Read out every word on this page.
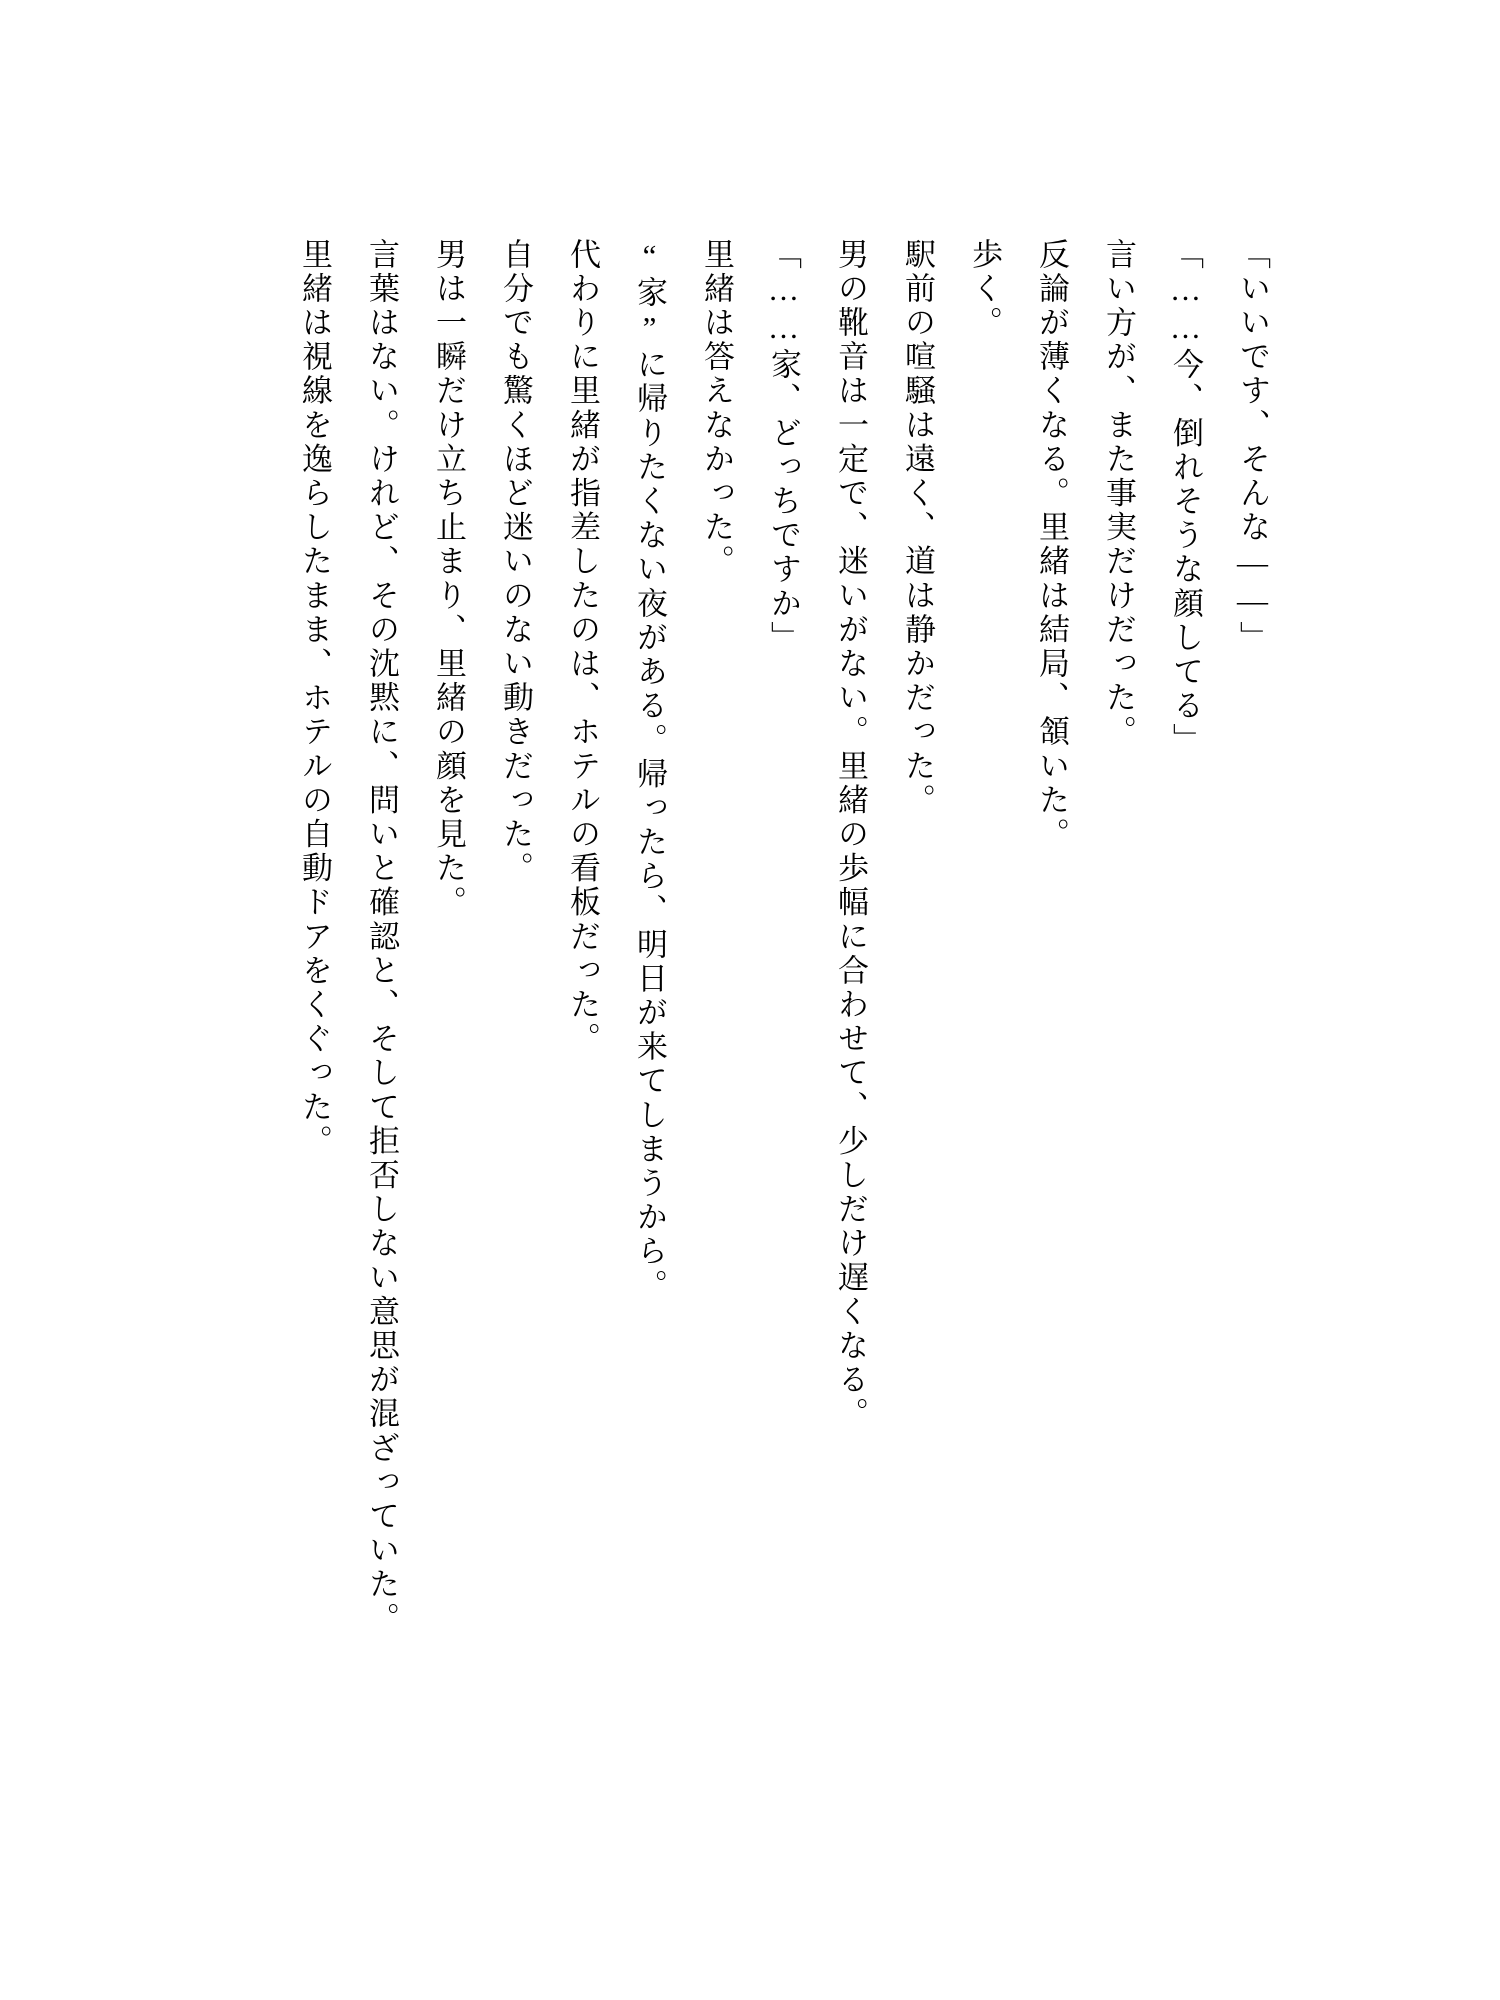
「いいです、そんな――」

「……今、倒れそうな顔してる」

言い方が、また事実だけだった。

反論が薄くなる。里緒は結局、頷いた。

歩く。

駅前の喧騒は遠く、道は静かだった。

男の靴音は一定で、迷いがない。里緒の歩幅に合わせて、少しだけ遅くなる。

「……家、どっちですか」

里緒は答えなかった。

“家”に帰りたくない夜がある。帰ったら、明日が来てしまうから。

代わりに里緒が指差したのは、ホテルの看板だった。

自分でも驚くほど迷いのない動きだった。

男は一瞬だけ立ち止まり、里緒の顔を見た。

言葉はない。けれど、その沈黙に、問いと確認と、そして拒否しない意思が混ざっていた。

里緒は視線を逸らしたまま、ホテルの自動ドアをくぐった。
